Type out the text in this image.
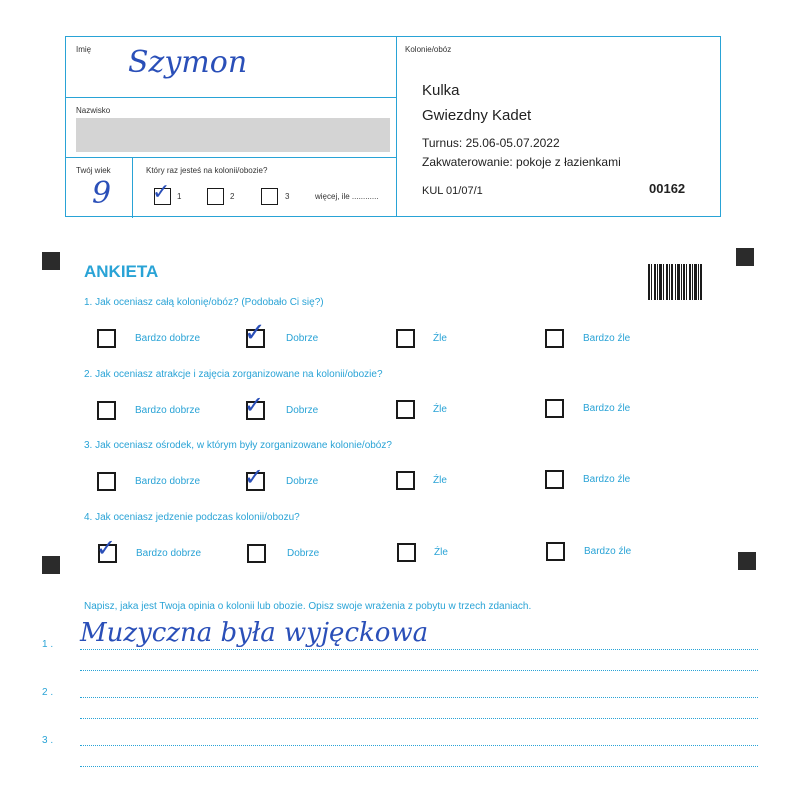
Imię Szymon
Nazwisko
Twój wiek
9
Który raz jesteś na kolonii/obozie?
✓ 1	2	3	więcej, ile ............
Kolonie/obóz
Kulka
Gwiezdny Kadet
Turnus: 25.06-05.07.2022
Zakwaterowanie: pokoje z łazienkami
KUL 01/07/1	00162
ANKIETA
1. Jak oceniasz całą kolonię/obóz? (Podobało Ci się?)
Bardzo dobrze ✓ Dobrze	Źle	Bardzo źle
2. Jak oceniasz atrakcje i zajęcia zorganizowane na kolonii/obozie?
Bardzo dobrze ✓ Dobrze	Źle	Bardzo źle
3. Jak oceniasz ośrodek, w którym były zorganizowane kolonie/obóz?
Bardzo dobrze ✓ Dobrze	Źle	Bardzo źle
4. Jak oceniasz jedzenie podczas kolonii/obozu?
✓ Bardzo dobrze	Dobrze	Źle	Bardzo źle
Napisz, jaka jest Twoja opinia o kolonii lub obozie. Opisz swoje wrażenia z pobytu w trzech zdaniach.
1 . Muzyczna była wyjęckowa
2 .
3 .
